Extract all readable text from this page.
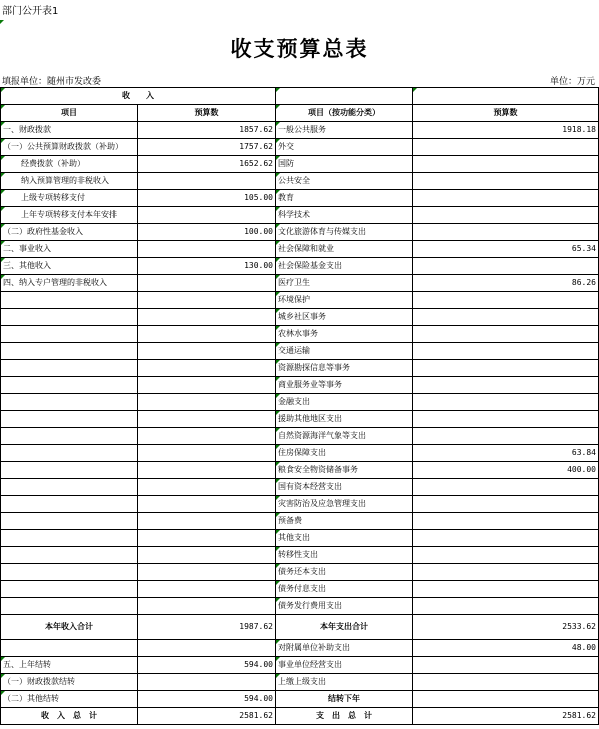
部门公开表1
收支预算总表
填报单位：随州市发改委	单位：万元
收　　入			
项目	预算数	项目（按功能分类）	预算数
一、财政拨款	1857.62	一般公共服务	1918.18
（一）公共预算财政拨款（补助）	1757.62	外交	
经费拨款（补助）	1652.62	国防	
纳入预算管理的非税收入		公共安全	
上级专项转移支付	105.00	教育	
上年专项转移支付本年安排		科学技术	
（二）政府性基金收入	100.00	文化旅游体育与传媒支出	
二、事业收入		社会保障和就业	65.34
三、其他收入	130.00	社会保险基金支出	
四、纳入专户管理的非税收入		医疗卫生	86.26
		环境保护	
		城乡社区事务	
		农林水事务	
		交通运输	
		资源勘探信息等事务	
		商业服务业等事务	
		金融支出	
		援助其他地区支出	
		自然资源海洋气象等支出	
		住房保障支出	63.84
		粮食安全物资储备事务	400.00
		国有资本经营支出	
		灾害防治及应急管理支出	
		预备费	
		其他支出	
		转移性支出	
		债务还本支出	
		债务付息支出	
		债务发行费用支出	
本年收入合计	1987.62	本年支出合计	2533.62
		对附属单位补助支出	48.00
五、上年结转	594.00	事业单位经营支出	
（一）财政拨款结转		上缴上级支出	
（二）其他结转	594.00	结转下年	
收　入　总　计	2581.62	支　出　总　计	2581.62
